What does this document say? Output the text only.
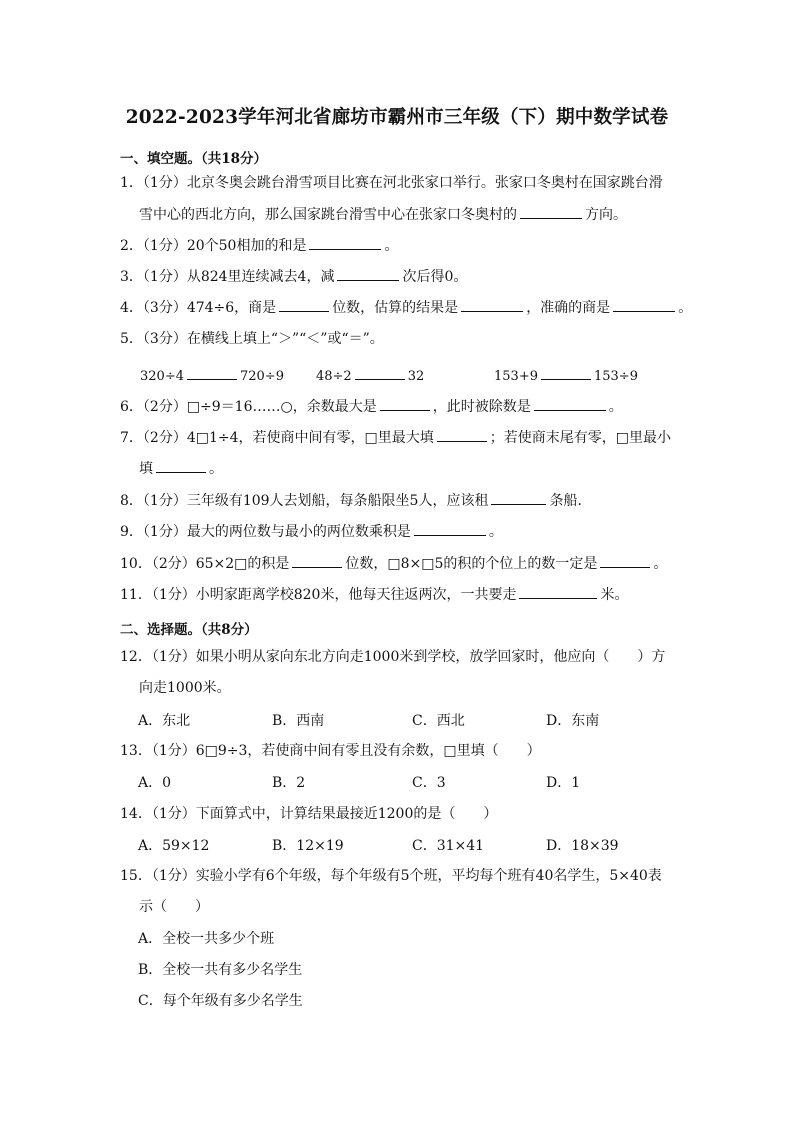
2022-2023学年河北省廊坊市霸州市三年级（下）期中数学试卷
一、填空题。（共18分）
1．（1分）北京冬奥会跳台滑雪项目比赛在河北张家口举行。张家口冬奥村在国家跳台滑
雪中心的西北方向，那么国家跳台滑雪中心在张家口冬奥村的	方向。
2．（1分）20个50相加的和是	。
3．（1分）从824里连续减去4，减	次后得0。
4．（3分）474÷6，商是	位数，估算的结果是	，准确的商是	。
5．（3分）在横线上填上“＞”“＜”或“＝”。
320÷4	720÷9 48÷2	32	153+9	153÷9
6．（2分）□÷9＝16……○，余数最大是	，此时被除数是	。
7．（2分）4□1÷4，若使商中间有零，□里最大填	；若使商末尾有零，□里最小
填	。
8．（1分）三年级有109人去划船，每条船限坐5人，应该租	条船．
9．（1分）最大的两位数与最小的两位数乘积是	。
10．（2分）65×2□的积是	位数，□8×□5的积的个位上的数一定是	。
11．（1分）小明家距离学校820米，他每天往返两次，一共要走	米。
二、选择题。（共8分）
12．（1分）如果小明从家向东北方向走1000米到学校，放学回家时，他应向（　　）方
向走1000米。
A．东北	B．西南	C．西北	D．东南
13．（1分）6□9÷3，若使商中间有零且没有余数，□里填（　　）
A．0	B．2	C．3	D．1
14．（1分）下面算式中，计算结果最接近1200的是（　　）
A．59×12	B．12×19	C．31×41	D．18×39
15．（1分）实验小学有6个年级，每个年级有5个班，平均每个班有40名学生，5×40表
示（　　）
A．全校一共多少个班
B．全校一共有多少名学生
C．每个年级有多少名学生
